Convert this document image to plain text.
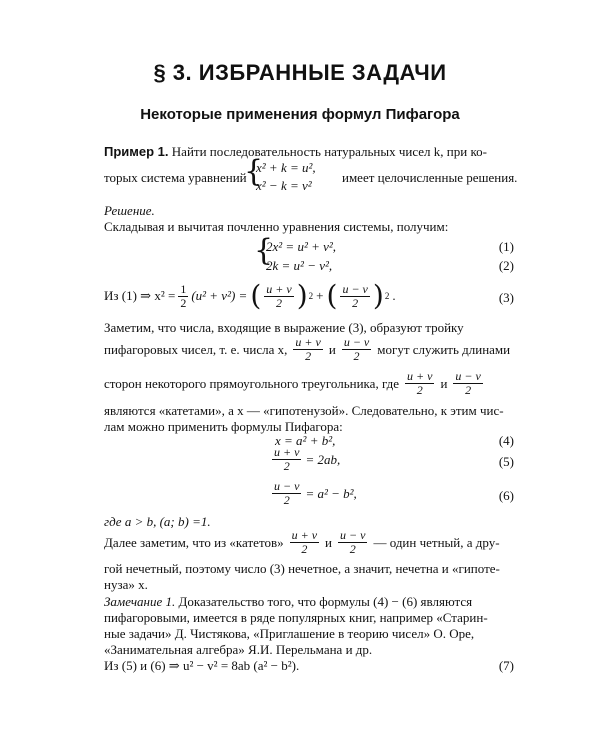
§ 3. ИЗБРАННЫЕ ЗАДАЧИ
Некоторые применения формул Пифагора
Пример 1. Найти последовательность натуральных чисел k, при ко-
торых система уравнений
{
x² + k = u²,
x² − k = v²
имеет целочисленные решения.
Решение.
Складывая и вычитая почленно уравнения системы, получим:
{
2x² = u² + v²,	(1)
2k = u² − v²,	(2)
Из (1) ⇒ $x^2 = \frac{1}{2} (u^2 + v^2)$ = ( $\frac{u + v}{2}$ ) 2 + ( $\frac{u - v}{2}$ ) 2 .	(3)
Заметим, что числа, входящие в выражение (3), образуют тройку
пифагоровых чисел, т. е. числа x, $\frac{u + v}{2}$ и $\frac{u - v}{2}$ могут служить длинами
сторон некоторого прямоугольного треугольника, где $\frac{u + v}{2}$ и $\frac{u - v}{2}$
являются «катетами», а x — «гипотенузой». Следовательно, к этим чис-
лам можно применить формулы Пифагора:
x = a² + b²,	(4)
$\frac{u + v}{2} = 2ab$,	(5)
$\frac{u - v}{2} = a^2 - b^2$,	(6)
где a > b, (a; b) =1.
Далее заметим, что из «катетов» $\frac{u + v}{2}$ и $\frac{u - v}{2}$ — один четный, а дру-
гой нечетный, поэтому число (3) нечетное, а значит, нечетна и «гипоте-
нуза» x.
Замечание 1. Доказательство того, что формулы (4) − (6) являются
пифагоровыми, имеется в ряде популярных книг, например «Старин-
ные задачи» Д. Чистякова, «Приглашение в теорию чисел» О. Оре,
«Занимательная алгебра» Я.И. Перельмана и др.
Из (5) и (6) ⇒ u² − v² = 8ab (a² − b²).	(7)
